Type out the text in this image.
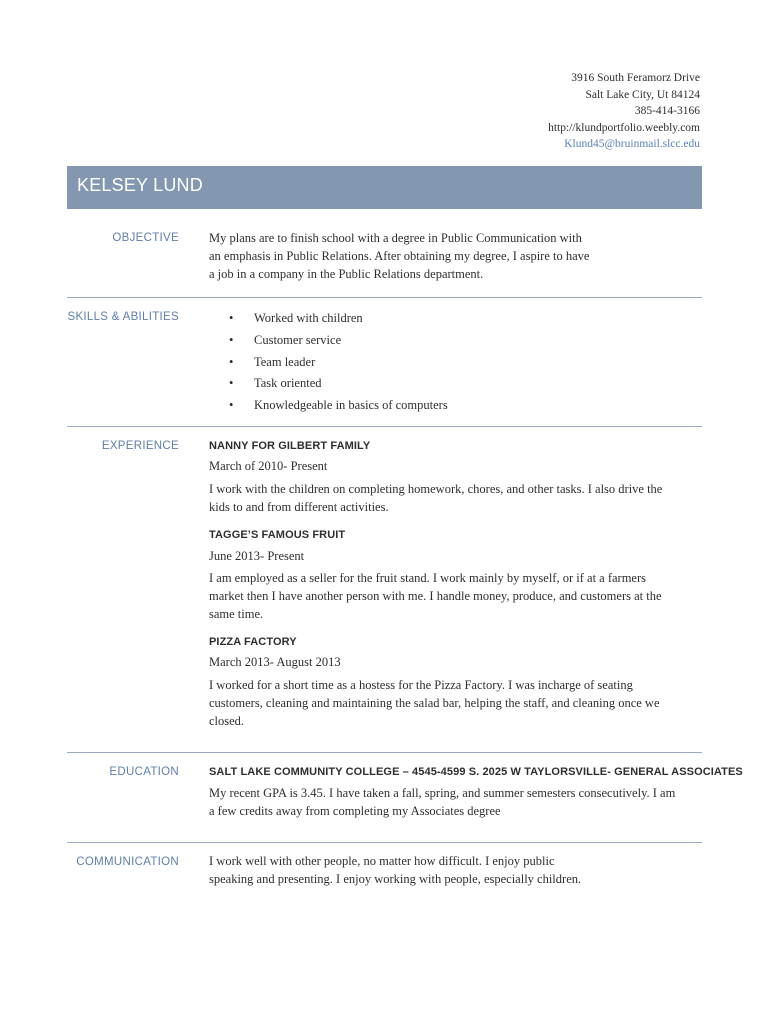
3916 South Feramorz Drive
Salt Lake City, Ut 84124
385-414-3166
http://klundportfolio.weebly.com
Klund45@bruinmail.slcc.edu
KELSEY LUND
OBJECTIVE My plans are to finish school with a degree in Public Communication with
an emphasis in Public Relations. After obtaining my degree, I aspire to have
a job in a company in the Public Relations department.
SKILLS & ABILITIES	• Worked with children
• Customer service
• Team leader
• Task oriented
• Knowledgeable in basics of computers
EXPERIENCE	NANNY FOR GILBERT FAMILY
March of 2010- Present
I work with the children on completing homework, chores, and other tasks. I also drive the
kids to and from different activities.
TAGGE’S FAMOUS FRUIT
June 2013- Present
I am employed as a seller for the fruit stand. I work mainly by myself, or if at a farmers
market then I have another person with me. I handle money, produce, and customers at the
same time.
PIZZA FACTORY
March 2013- August 2013
I worked for a short time as a hostess for the Pizza Factory. I was incharge of seating
customers, cleaning and maintaining the salad bar, helping the staff, and cleaning once we
closed.
EDUCATION	SALT LAKE COMMUNITY COLLEGE – 4545-4599 S. 2025 W TAYLORSVILLE- GENERAL ASSOCIATES
My recent GPA is 3.45. I have taken a fall, spring, and summer semesters consecutively. I am
a few credits away from completing my Associates degree
COMMUNICATION I work well with other people, no matter how difficult. I enjoy public
speaking and presenting. I enjoy working with people, especially children.
